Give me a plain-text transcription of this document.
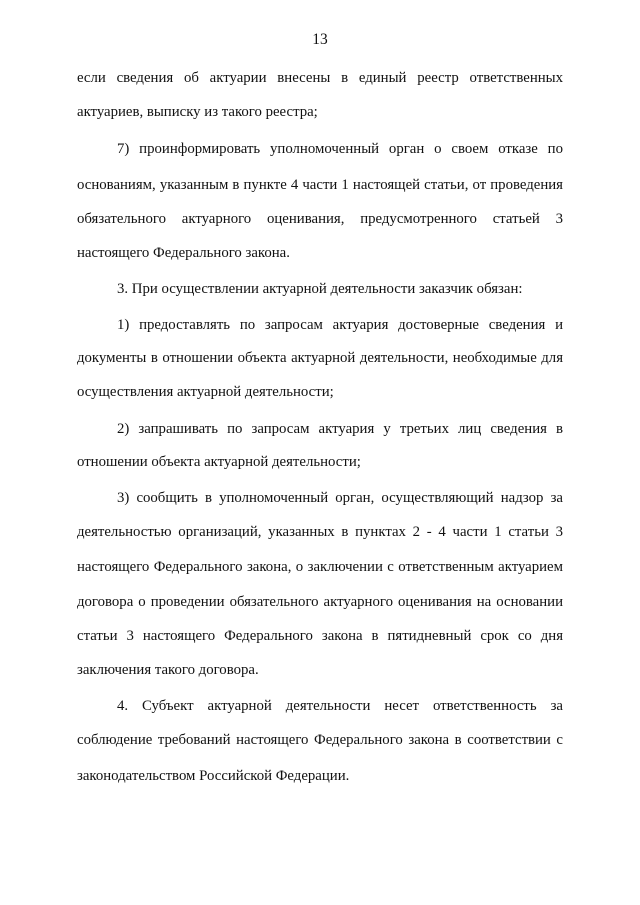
13
если сведения об актуарии внесены в единый реестр ответственных
актуариев, выписку из такого реестра;
7) проинформировать уполномоченный орган о своем отказе по
основаниям, указанным в пункте 4 части 1 настоящей статьи, от проведения
обязательного актуарного оценивания, предусмотренного статьей 3
настоящего Федерального закона.
3. При осуществлении актуарной деятельности заказчик обязан:
1) предоставлять по запросам актуария достоверные сведения и
документы в отношении объекта актуарной деятельности, необходимые для
осуществления актуарной деятельности;
2) запрашивать по запросам актуария у третьих лиц сведения в
отношении объекта актуарной деятельности;
3) сообщить в уполномоченный орган, осуществляющий надзор за
деятельностью организаций, указанных в пунктах 2 - 4 части 1 статьи 3
настоящего Федерального закона, о заключении с ответственным актуарием
договора о проведении обязательного актуарного оценивания на основании
статьи 3 настоящего Федерального закона в пятидневный срок со дня
заключения такого договора.
4. Субъект актуарной деятельности несет ответственность за
соблюдение требований настоящего Федерального закона в соответствии с
законодательством Российской Федерации.
